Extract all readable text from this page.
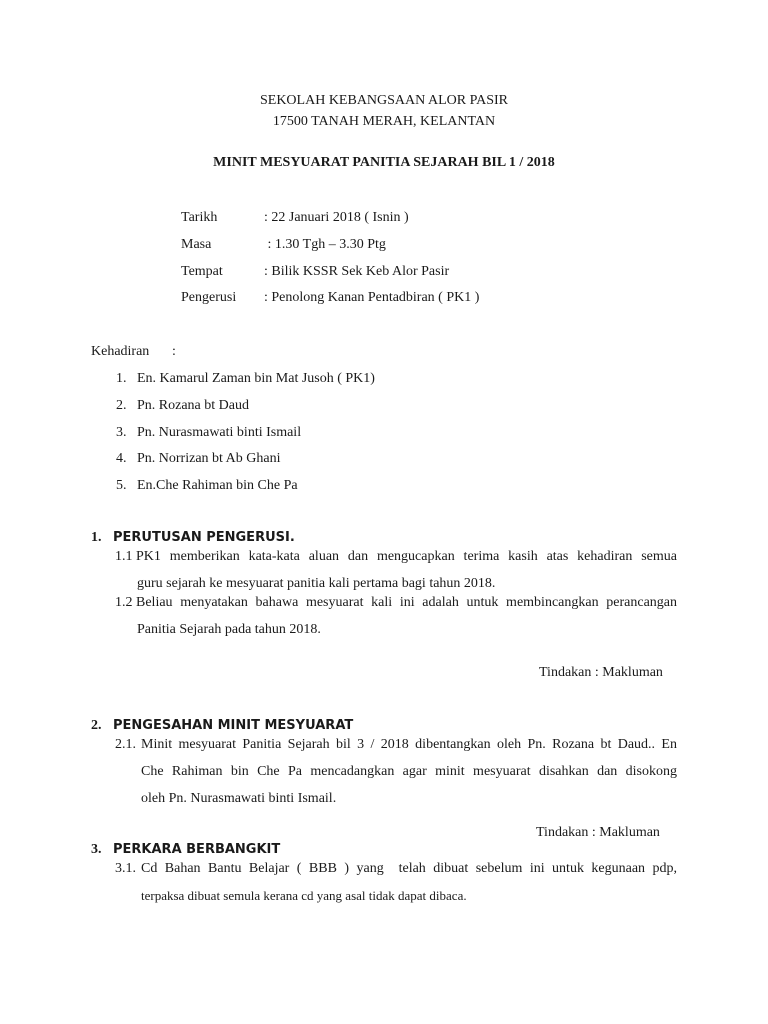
SEKOLAH KEBANGSAAN ALOR PASIR
17500 TANAH MERAH, KELANTAN
MINIT MESYUARAT PANITIA SEJARAH BIL 1 / 2018
Tarikh	: 22 Januari 2018 ( Isnin )
Masa	: 1.30 Tgh – 3.30 Ptg
Tempat	: Bilik KSSR Sek Keb Alor Pasir
Pengerusi : Penolong Kanan Pentadbiran ( PK1 )
Kehadiran :
1. En. Kamarul Zaman bin Mat Jusoh ( PK1)
2. Pn. Rozana bt Daud
3. Pn. Nurasmawati binti Ismail
4. Pn. Norrizan bt Ab Ghani
5. En.Che Rahiman bin Che Pa
1. PERUTUSAN PENGERUSI.
1.1 PK1 memberikan kata-kata aluan dan mengucapkan terima kasih atas kehadiran semua
guru sejarah ke mesyuarat panitia kali pertama bagi tahun 2018.
1.2 Beliau menyatakan bahawa mesyuarat kali ini adalah untuk membincangkan perancangan
Panitia Sejarah pada tahun 2018.
Tindakan : Makluman
2. PENGESAHAN MINIT MESYUARAT
2.1. Minit mesyuarat Panitia Sejarah bil 3 / 2018 dibentangkan oleh Pn. Rozana bt Daud.. En
Che Rahiman bin Che Pa mencadangkan agar minit mesyuarat disahkan dan disokong
oleh Pn. Nurasmawati binti Ismail.
Tindakan : Makluman
3. PERKARA BERBANGKIT
3.1. Cd Bahan Bantu Belajar ( BBB ) yang  telah dibuat sebelum ini untuk kegunaan pdp,
terpaksa dibuat semula kerana cd yang asal tidak dapat dibaca.
